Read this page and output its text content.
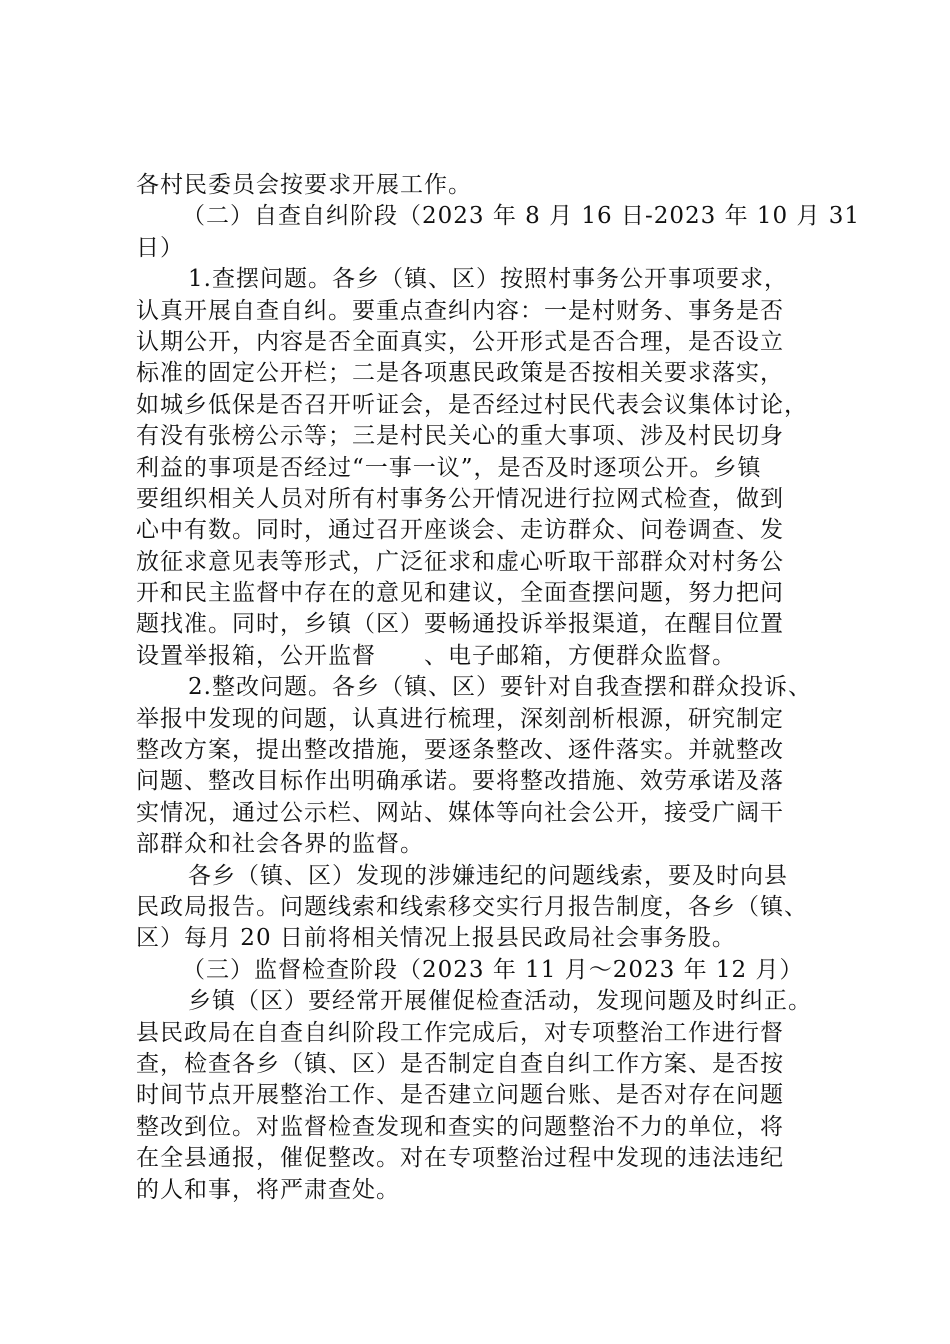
各村民委员会按要求开展工作。
（二）自查自纠阶段（2023 年 8 月 16 日-2023 年 10 月 31
日）
1.查摆问题。各乡（镇、区）按照村事务公开事项要求，
认真开展自查自纠。要重点查纠内容：一是村财务、事务是否
认期公开，内容是否全面真实，公开形式是否合理，是否设立
标准的固定公开栏；二是各项惠民政策是否按相关要求落实，
如城乡低保是否召开听证会，是否经过村民代表会议集体讨论，
有没有张榜公示等；三是村民关心的重大事项、涉及村民切身
利益的事项是否经过“一事一议”，是否及时逐项公开。乡镇
要组织相关人员对所有村事务公开情况进行拉网式检查，做到
心中有数。同时，通过召开座谈会、走访群众、问卷调查、发
放征求意见表等形式，广泛征求和虚心听取干部群众对村务公
开和民主监督中存在的意见和建议，全面查摆问题，努力把问
题找准。同时，乡镇（区）要畅通投诉举报渠道，在醒目位置
设置举报箱，公开监督　　、电子邮箱，方便群众监督。
2.整改问题。各乡（镇、区）要针对自我查摆和群众投诉、
举报中发现的问题，认真进行梳理，深刻剖析根源，研究制定
整改方案，提出整改措施，要逐条整改、逐件落实。并就整改
问题、整改目标作出明确承诺。要将整改措施、效劳承诺及落
实情况，通过公示栏、网站、媒体等向社会公开，接受广阔干
部群众和社会各界的监督。
各乡（镇、区）发现的涉嫌违纪的问题线索，要及时向县
民政局报告。问题线索和线索移交实行月报告制度，各乡（镇、
区）每月 20 日前将相关情况上报县民政局社会事务股。
（三）监督检查阶段（2023 年 11 月～2023 年 12 月）
乡镇（区）要经常开展催促检查活动，发现问题及时纠正。
县民政局在自查自纠阶段工作完成后，对专项整治工作进行督
查，检查各乡（镇、区）是否制定自查自纠工作方案、是否按
时间节点开展整治工作、是否建立问题台账、是否对存在问题
整改到位。对监督检查发现和查实的问题整治不力的单位，将
在全县通报，催促整改。对在专项整治过程中发现的违法违纪
的人和事，将严肃查处。
